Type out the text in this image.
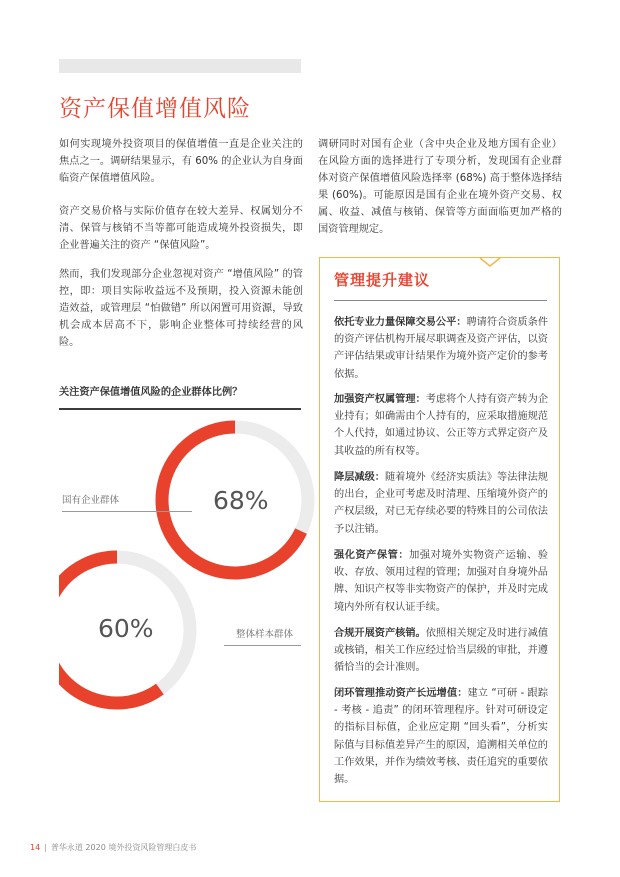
资产保值增值风险

如何实现境外投资项目的保值增值一直是企业关注的焦点之一。调研结果显示，有 60% 的企业认为自身面临资产保值增值风险。

资产交易价格与实际价值存在较大差异、权属划分不清、保管与核销不当等都可能造成境外投资损失，即企业普遍关注的资产 “保值风险”。

然而，我们发现部分企业忽视对资产 “增值风险” 的管控，即：项目实际收益远不及预期，投入资源未能创造效益，或管理层 “怕做错” 所以闲置可用资源，导致机会成本居高不下，影响企业整体可持续经营的风险。

调研同时对国有企业（含中央企业及地方国有企业）在风险方面的选择进行了专项分析，发现国有企业群体对资产保值增值风险选择率 (68%) 高于整体选择结果 (60%)。可能原因是国有企业在境外资产交易、权属、收益、减值与核销、保管等方面面临更加严格的国资管理规定。

关注资产保值增值风险的企业群体比例？
国有企业群体
整体样本群体
68%
60%
管理提升建议

依托专业力量保障交易公平：聘请符合资质条件的资产评估机构开展尽职调查及资产评估，以资产评估结果或审计结果作为境外资产定价的参考依据。

加强资产权属管理：考虑将个人持有资产转为企业持有；如确需由个人持有的，应采取措施规范个人代持，如通过协议、公正等方式界定资产及其收益的所有权等。

降层减级：随着境外《经济实质法》等法律法规的出台，企业可考虑及时清理、压缩境外资产的产权层级，对已无存续必要的特殊目的公司依法予以注销。

强化资产保管：加强对境外实物资产运输、验收、存放、领用过程的管理；加强对自身境外品牌、知识产权等非实物资产的保护，并及时完成境内外所有权认证手续。

合规开展资产核销。依照相关规定及时进行减值或核销，相关工作应经过恰当层级的审批，并遵循恰当的会计准则。

闭环管理推动资产长远增值：建立 “可研 - 跟踪 - 考核 - 追责” 的闭环管理程序。针对可研设定的指标目标值，企业应定期 “回头看”，分析实际值与目标值差异产生的原因，追溯相关单位的工作效果，并作为绩效考核、责任追究的重要依据。

14 | 普华永道 2020 境外投资风险管理白皮书
